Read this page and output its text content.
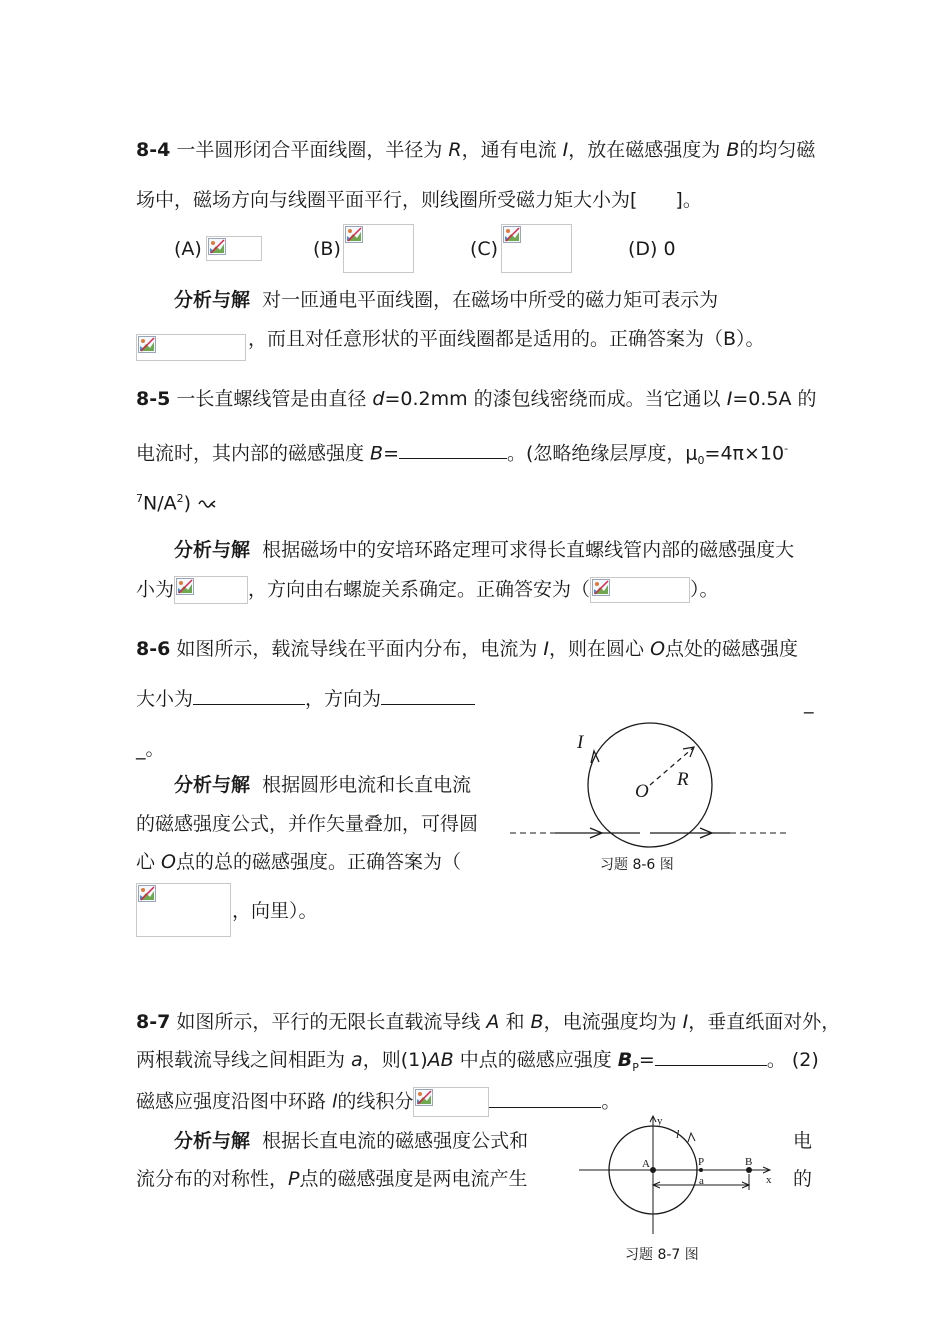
8-4 一半圆形闭合平面线圈，半径为 R，通有电流 I，放在磁感强度为 B的均匀磁
场中，磁场方向与线圈平面平行，则线圈所受磁力矩大小为[　　]。
(A)	(B)	(C)	(D) 0
分析与解 对一匝通电平面线圈，在磁场中所受的磁力矩可表示为
，而且对任意形状的平面线圈都是适用的。正确答案为（B）。
8-5 一长直螺线管是由直径 d=0.2mm 的漆包线密绕而成。当它通以 I=0.5A 的
电流时，其内部的磁感强度 B=	。(忽略绝缘层厚度，$\mu_0=4\pi\times 10^-$
$^7N/A^2$)
分析与解 根据磁场中的安培环路定理可求得长直螺线管内部的磁感强度大
小为	，方向由右螺旋关系确定。正确答安为（	）。
8-6 如图所示，载流导线在平面内分布，电流为 I，则在圆心 O点处的磁感强度
大小为	，方向为	_
_。
分析与解 根据圆形电流和长直电流
的磁感强度公式，并作矢量叠加，可得圆
心 O点的总的磁感强度。正确答案为（
，向里）。
I
O
R
习题 8-6 图
8-7 如图所示，平行的无限长直载流导线 A 和 B，电流强度均为 I，垂直纸面对外，
两根载流导线之间相距为 a，则(1)AB 中点的磁感应强度 $B_P=$	。 (2)
磁感应强度沿图中环路 l的线积分	。
分析与解 根据长直电流的磁感强度公式和	电
流分布的对称性，P点的磁感强度是两电流产生	的
y
l
A	P	B
x
a
习题 8-7 图
